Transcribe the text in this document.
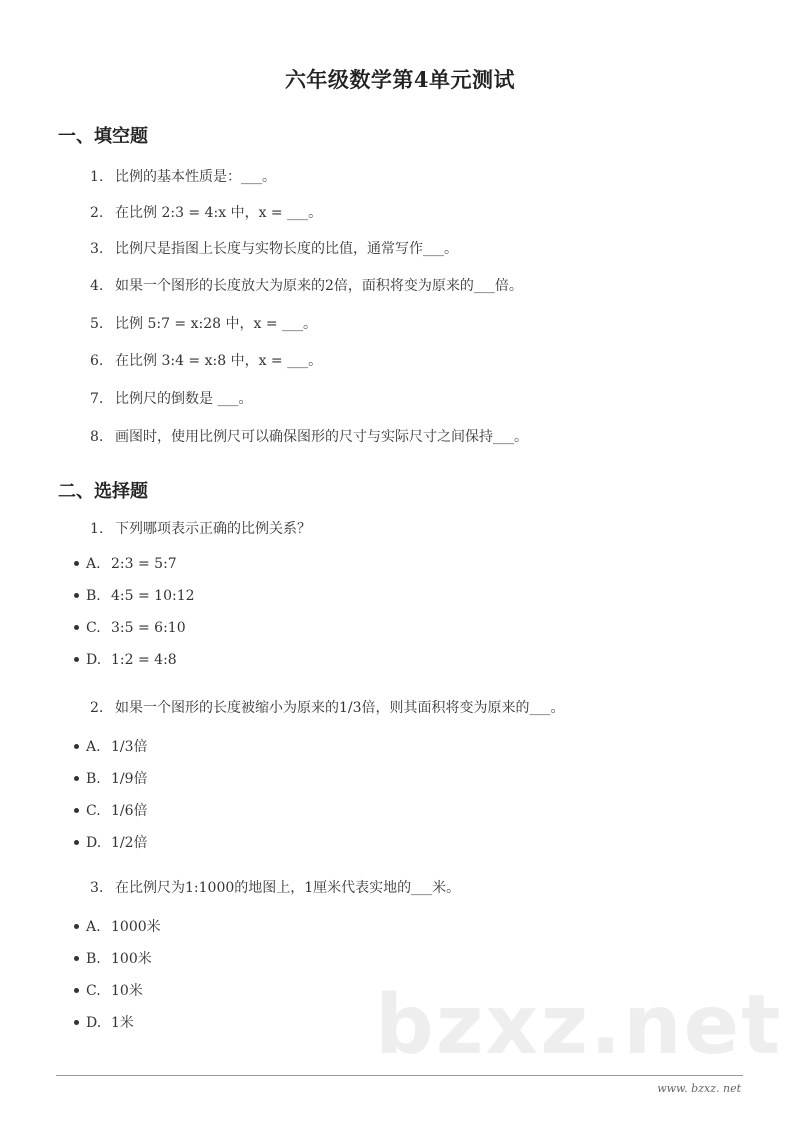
六年级数学第4单元测试
一、填空题
1. 比例的基本性质是：___。
2. 在比例 2:3 = 4:x 中，x = ___。
3. 比例尺是指图上长度与实物长度的比值，通常写作___。
4. 如果一个图形的长度放大为原来的2倍，面积将变为原来的___倍。
5. 比例 5:7 = x:28 中，x = ___。
6. 在比例 3:4 = x:8 中，x = ___。
7. 比例尺的倒数是 ___。
8. 画图时，使用比例尺可以确保图形的尺寸与实际尺寸之间保持___。
二、选择题
1. 下列哪项表示正确的比例关系？
A. 2:3 = 5:7
B. 4:5 = 10:12
C. 3:5 = 6:10
D. 1:2 = 4:8
2. 如果一个图形的长度被缩小为原来的1/3倍，则其面积将变为原来的___。
A. 1/3倍
B. 1/9倍
C. 1/6倍
D. 1/2倍
3. 在比例尺为1:1000的地图上，1厘米代表实地的___米。
A. 1000米
B. 100米
C. 10米
D. 1米	bzxz.net
www. bzxz. net
